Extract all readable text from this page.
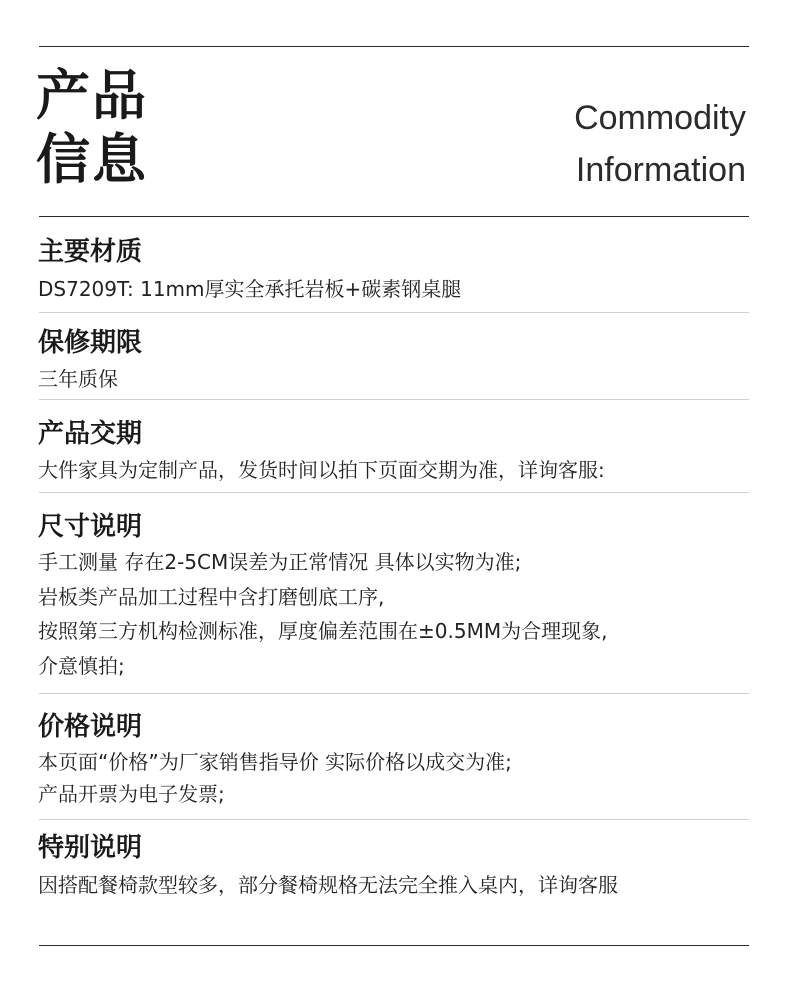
产品
信息
Commodity
Information
主要材质
DS7209T: 11mm厚实全承托岩板+碳素钢桌腿
保修期限
三年质保
产品交期
大件家具为定制产品，发货时间以拍下页面交期为准，详询客服:
尺寸说明
手工测量 存在2-5CM误差为正常情况 具体以实物为准;
岩板类产品加工过程中含打磨刨底工序,
按照第三方机构检测标准，厚度偏差范围在±0.5MM为合理现象,
介意慎拍;
价格说明
本页面“价格”为厂家销售指导价 实际价格以成交为准;
产品开票为电子发票;
特别说明
因搭配餐椅款型较多，部分餐椅规格无法完全推入桌内，详询客服
